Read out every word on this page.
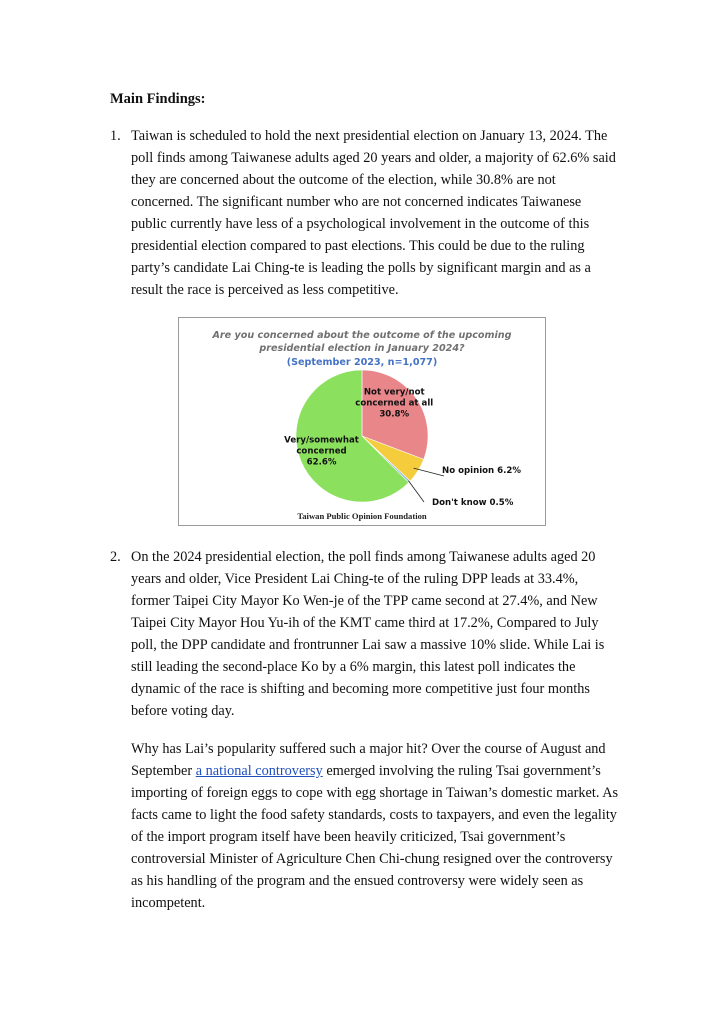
Main Findings:
1. Taiwan is scheduled to hold the next presidential election on January 13, 2024. The poll finds among Taiwanese adults aged 20 years and older, a majority of 62.6% said they are concerned about the outcome of the election, while 30.8% are not concerned. The significant number who are not concerned indicates Taiwanese public currently have less of a psychological involvement in the outcome of this presidential election compared to past elections. This could be due to the ruling party’s candidate Lai Ching-te is leading the polls by significant margin and as a result the race is perceived as less competitive.

Are you concerned about the outcome of the upcoming
presidential election in January 2024?
(September 2023, n=1,077)
Not very/not concerned at all 30.8%
Very/somewhat concerned 62.6%
No opinion 6.2%
Don't know 0.5%
Taiwan Public Opinion Foundation
2. On the 2024 presidential election, the poll finds among Taiwanese adults aged 20 years and older, Vice President Lai Ching-te of the ruling DPP leads at 33.4%, former Taipei City Mayor Ko Wen-je of the TPP came second at 27.4%, and New Taipei City Mayor Hou Yu-ih of the KMT came third at 17.2%, Compared to July poll, the DPP candidate and frontrunner Lai saw a massive 10% slide. While Lai is still leading the second-place Ko by a 6% margin, this latest poll indicates the dynamic of the race is shifting and becoming more competitive just four months before voting day.

Why has Lai’s popularity suffered such a major hit? Over the course of August and September a national controversy emerged involving the ruling Tsai government’s importing of foreign eggs to cope with egg shortage in Taiwan’s domestic market. As facts came to light the food safety standards, costs to taxpayers, and even the legality of the import program itself have been heavily criticized, Tsai government’s controversial Minister of Agriculture Chen Chi-chung resigned over the controversy as his handling of the program and the ensued controversy were widely seen as incompetent.
